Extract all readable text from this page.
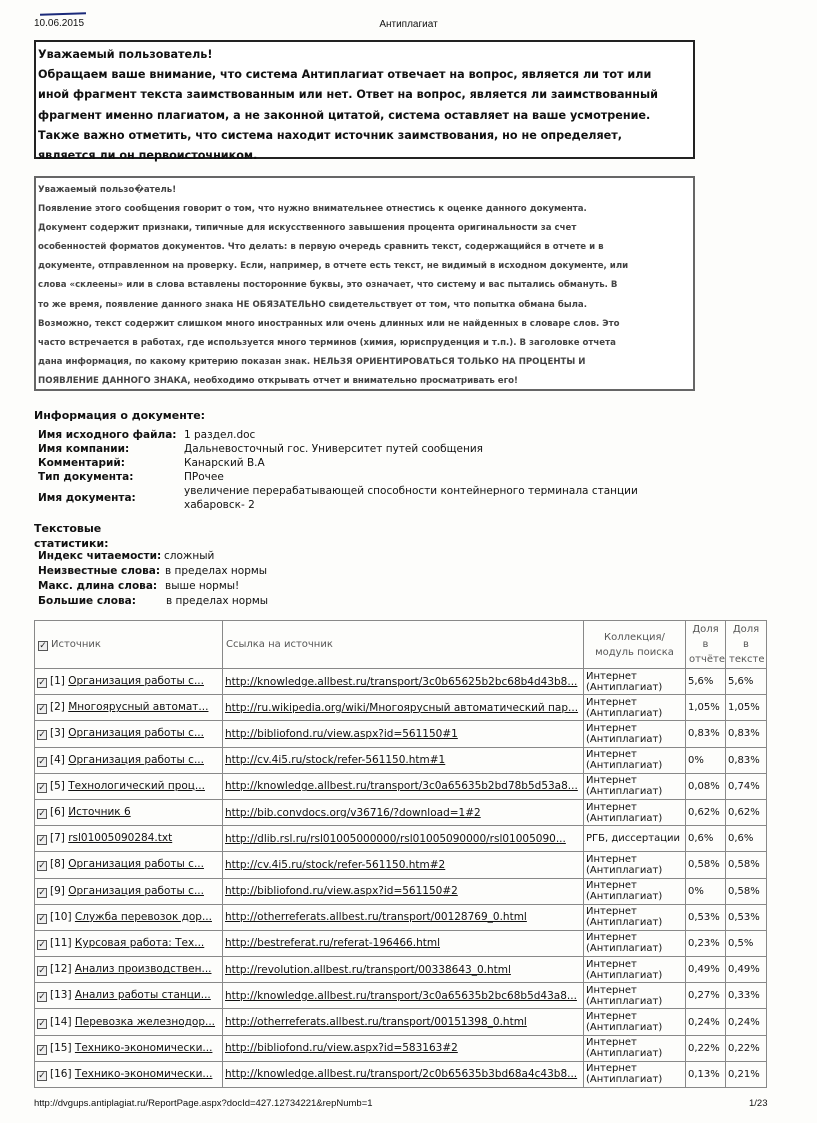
10.06.2015	Антиплагиат

Уважаемый пользователь!

Обращаем ваше внимание, что система Антиплагиат отвечает на вопрос, является ли тот или

иной фрагмент текста заимствованным или нет. Ответ на вопрос, является ли заимствованный

фрагмент именно плагиатом, а не законной цитатой, система оставляет на ваше усмотрение.

Также важно отметить, что система находит источник заимствования, но не определяет,

является ли он первоисточником.

Уважаемый пользо�атель!

Появление этого сообщения говорит о том, что нужно внимательнее отнестись к оценке данного документа.

Документ содержит признаки, типичные для искусственного завышения процента оригинальности за счет

особенностей форматов документов. Что делать: в первую очередь сравнить текст, содержащийся в отчете и в

документе, отправленном на проверку. Если, например, в отчете есть текст, не видимый в исходном документе, или

слова «склеены» или в слова вставлены посторонние буквы, это означает, что систему и вас пытались обмануть. В

то же время, появление данного знака НЕ ОБЯЗАТЕЛЬНО свидетельствует от том, что попытка обмана была.

Возможно, текст содержит слишком много иностранных или очень длинных или не найденных в словаре слов. Это

часто встречается в работах, где используется много терминов (химия, юриспруденция и т.п.). В заголовке отчета

дана информация, по какому критерию показан знак. НЕЛЬЗЯ ОРИЕНТИРОВАТЬСЯ ТОЛЬКО НА ПРОЦЕНТЫ И

ПОЯВЛЕНИЕ ДАННОГО ЗНАКА, необходимо открывать отчет и внимательно просматривать его!

Информация о документе:
Имя исходного файла: 1 раздел.doc
Имя компании:	Дальневосточный гос. Университет путей сообщения
Комментарий:	Канарский В.А
Тип документа:	ПРочее
Имя документа:
увеличение перерабатывающей способности контейнерного терминала станции
хабаровск- 2
Текстовые
статистики:
Индекс читаемости: сложный
Неизвестные слова: в пределах нормы
Макс. длина слова: выше нормы!
Большие слова:	в пределах нормы
✓ Источник	Ссылка на источник	Коллекция/ модуль поиска	Доля в отчёте	Доля в тексте
✓ [1] Организация работы с...	http://knowledge.allbest.ru/transport/3c0b65625b2bc68b4d43b8...	Интернет (Антиплагиат)	5,6%	5,6%
✓ [2] Многоярусный автомат...	http://ru.wikipedia.org/wiki/Многоярусный автоматический пар...	Интернет (Антиплагиат)	1,05%	1,05%
✓ [3] Организация работы с...	http://bibliofond.ru/view.aspx?id=561150#1	Интернет (Антиплагиат)	0,83%	0,83%
✓ [4] Организация работы с...	http://cv.4i5.ru/stock/refer-561150.htm#1	Интернет (Антиплагиат)	0%	0,83%
✓ [5] Технологический проц...	http://knowledge.allbest.ru/transport/3c0a65635b2bd78b5d53a8...	Интернет (Антиплагиат)	0,08%	0,74%
✓ [6] Источник 6	http://bib.convdocs.org/v36716/?download=1#2	Интернет (Антиплагиат)	0,62%	0,62%
✓ [7] rsl01005090284.txt	http://dlib.rsl.ru/rsl01005000000/rsl01005090000/rsl01005090...	РГБ, диссертации	0,6%	0,6%
✓ [8] Организация работы с...	http://cv.4i5.ru/stock/refer-561150.htm#2	Интернет (Антиплагиат)	0,58%	0,58%
✓ [9] Организация работы с...	http://bibliofond.ru/view.aspx?id=561150#2	Интернет (Антиплагиат)	0%	0,58%
✓ [10] Служба перевозок дор...	http://otherreferats.allbest.ru/transport/00128769_0.html	Интернет (Антиплагиат)	0,53%	0,53%
✓ [11] Курсовая работа: Тех...	http://bestreferat.ru/referat-196466.html	Интернет (Антиплагиат)	0,23%	0,5%
✓ [12] Анализ производствен...	http://revolution.allbest.ru/transport/00338643_0.html	Интернет (Антиплагиат)	0,49%	0,49%
✓ [13] Анализ работы станци...	http://knowledge.allbest.ru/transport/3c0a65635b2bc68b5d43a8...	Интернет (Антиплагиат)	0,27%	0,33%
✓ [14] Перевозка железнодор...	http://otherreferats.allbest.ru/transport/00151398_0.html	Интернет (Антиплагиат)	0,24%	0,24%
✓ [15] Технико-экономически...	http://bibliofond.ru/view.aspx?id=583163#2	Интернет (Антиплагиат)	0,22%	0,22%
✓ [16] Технико-экономически...	http://knowledge.allbest.ru/transport/2c0b65635b3bd68a4c43b8...	Интернет (Антиплагиат)	0,13%	0,21%
http://dvgups.antiplagiat.ru/ReportPage.aspx?docId=427.12734221&repNumb=1	1/23
